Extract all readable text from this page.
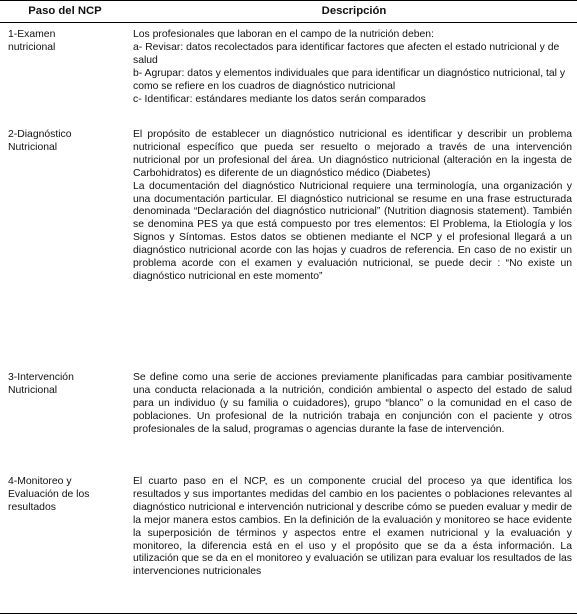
Paso del NCP	Descripción
1-Examen
nutricional

Los profesionales que laboran en el campo de la nutrición deben:

a- Revisar: datos recolectados para identificar factores que afecten el estado nutricional y de salud

b- Agrupar: datos y elementos individuales que para identificar un diagnóstico nutricional, tal y como se refiere en los cuadros de diagnóstico nutricional

c- Identificar: estándares mediante los datos serán comparados

2-Diagnóstico
Nutricional

El propósito de establecer un diagnóstico nutricional es identificar y describir un problema nutricional específico que pueda ser resuelto o mejorado a través de una intervención nutricional por un profesional del área. Un diagnóstico nutricional (alteración en la ingesta de Carbohidratos) es diferente de un diagnóstico médico (Diabetes)

La documentación del diagnóstico Nutricional requiere una terminología, una organización y una documentación particular. El diagnóstico nutricional se resume en una frase estructurada denominada “Declaración del diagnóstico nutricional” (Nutrition diagnosis statement). También se denomina PES ya que está compuesto por tres elementos: El Problema, la Etiología y los Signos y Síntomas. Estos datos se obtienen mediante el NCP y el profesional llegará a un diagnóstico nutricional acorde con las hojas y cuadros de referencia. En caso de no existir un problema acorde con el examen y evaluación nutricional, se puede decir : “No existe un diagnóstico nutricional en este momento”

3-Intervención
Nutricional

Se define como una serie de acciones previamente planificadas para cambiar positivamente una conducta relacionada a la nutrición, condición ambiental o aspecto del estado de salud para un individuo (y su familia o cuidadores), grupo “blanco” o la comunidad en el caso de poblaciones. Un profesional de la nutrición trabaja en conjunción con el paciente y otros profesionales de la salud, programas o agencias durante la fase de intervención.

4-Monitoreo y
Evaluación de los
resultados

El cuarto paso en el NCP, es un componente crucial del proceso ya que identifica los resultados y sus importantes medidas del cambio en los pacientes o poblaciones relevantes al diagnóstico nutricional e intervención nutricional y describe cómo se pueden evaluar y medir de la mejor manera estos cambios. En la definición de la evaluación y monitoreo se hace evidente la superposición de términos y aspectos entre el examen nutricional y la evaluación y monitoreo, la diferencia está en el uso y el propósito que se da a ésta información. La utilización que se da en el monitoreo y evaluación se utilizan para evaluar los resultados de las intervenciones nutricionales
